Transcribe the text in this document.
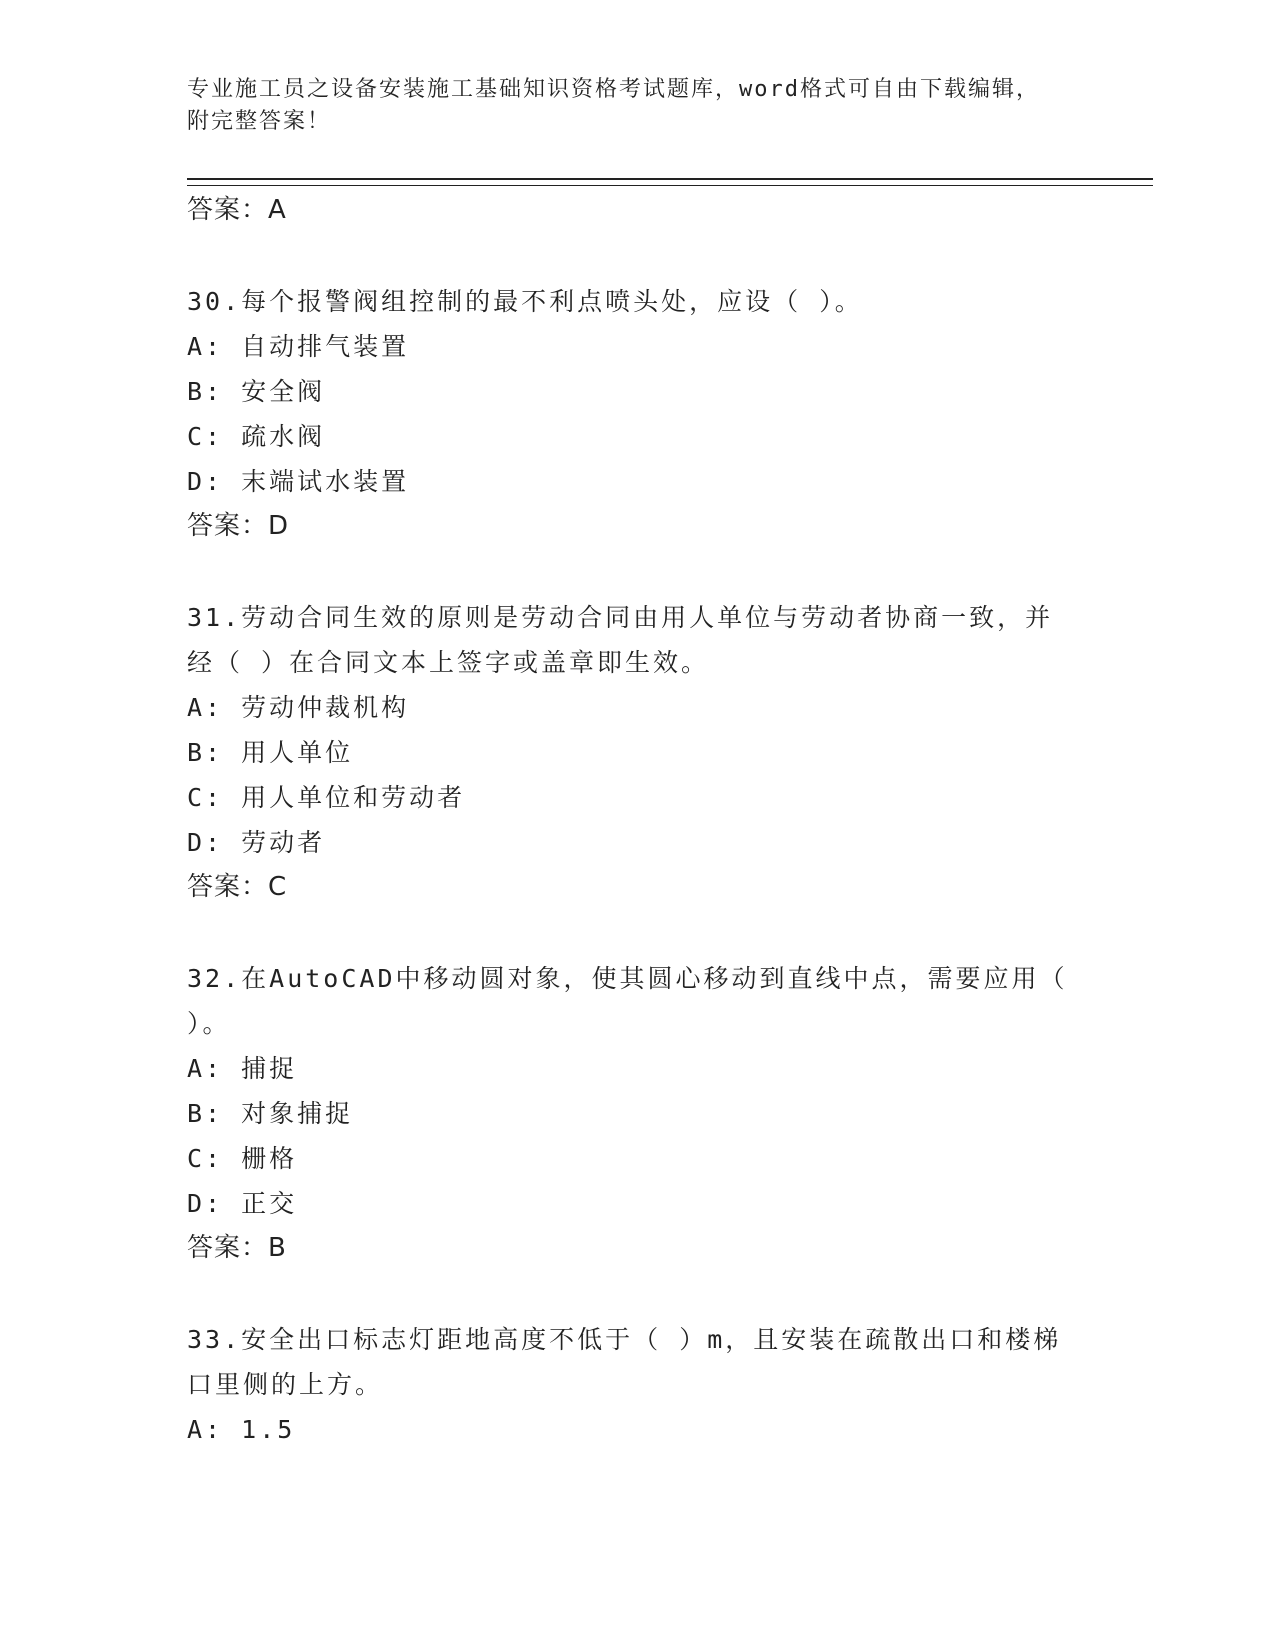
专业施工员之设备安装施工基础知识资格考试题库，word格式可自由下载编辑，
附完整答案！
答案：A
30.每个报警阀组控制的最不利点喷头处，应设（ ）。
A: 自动排气装置
B: 安全阀
C: 疏水阀
D: 末端试水装置
答案：D
31.劳动合同生效的原则是劳动合同由用人单位与劳动者协商一致，并
经（ ）在合同文本上签字或盖章即生效。
A: 劳动仲裁机构
B: 用人单位
C: 用人单位和劳动者
D: 劳动者
答案：C
32.在AutoCAD中移动圆对象，使其圆心移动到直线中点，需要应用（
）。
A: 捕捉
B: 对象捕捉
C: 栅格
D: 正交
答案：B
33.安全出口标志灯距地高度不低于（ ）m，且安装在疏散出口和楼梯
口里侧的上方。
A: 1.5
